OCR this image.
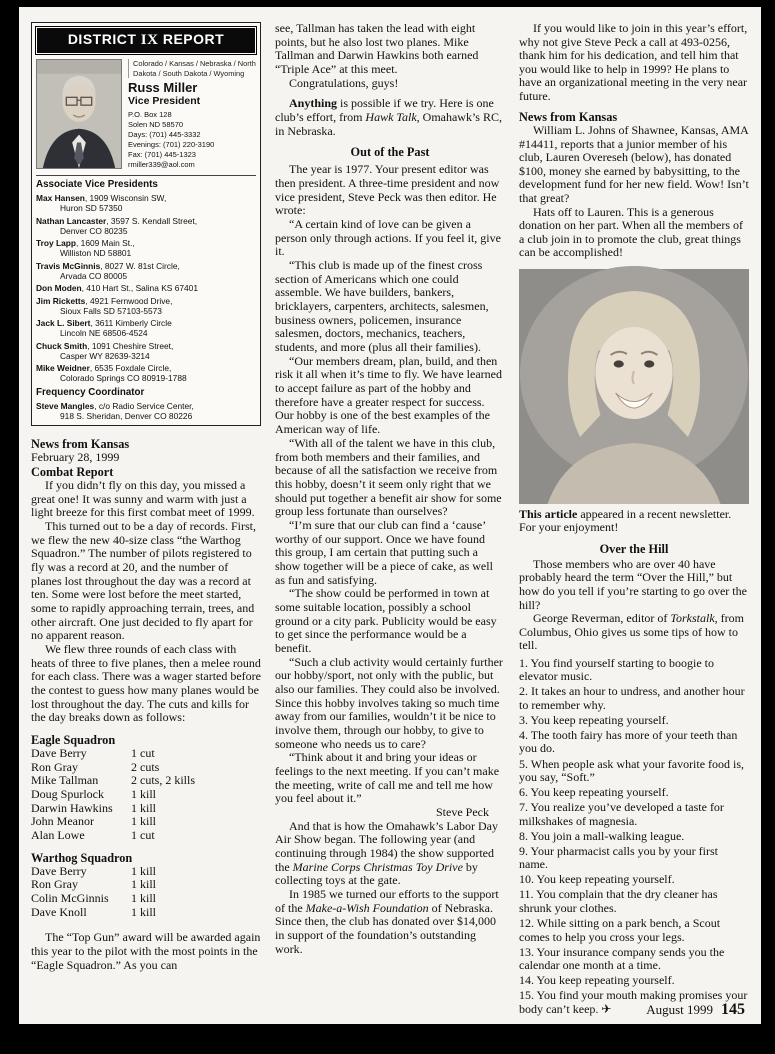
DISTRICT IX REPORT
Colorado / Kansas / Nebraska / North Dakota / South Dakota / Wyoming
Russ Miller
Vice President
P.O. Box 128
Solen ND 58570
Days: (701) 445-3332
Evenings: (701) 220-3190
Fax: (701) 445-1323
rmiller339@aol.com
Associate Vice Presidents
Max Hansen, 1909 Wisconsin SW,
Huron SD 57350
Nathan Lancaster, 3597 S. Kendall Street,
Denver CO 80235
Troy Lapp, 1609 Main St.,
Williston ND 58801
Travis McGinnis, 8027 W. 81st Circle,
Arvada CO 80005
Don Moden, 410 Hart St., Salina KS 67401
Jim Ricketts, 4921 Fernwood Drive,
Sioux Falls SD 57103-5573
Jack L. Sibert, 3611 Kimberly Circle
Lincoln NE 68506-4524
Chuck Smith, 1091 Cheshire Street,
Casper WY 82639-3214
Mike Weidner, 6535 Foxdale Circle,
Colorado Springs CO 80919-1788
Frequency Coordinator
Steve Mangles, c/o Radio Service Center,
918 S. Sheridan, Denver CO 80226
News from Kansas

February 28, 1999

Combat Report

If you didn’t fly on this day, you missed a great one! It was sunny and warm with just a light breeze for this first combat meet of 1999.

This turned out to be a day of records. First, we flew the new 40-size class “the Warthog Squadron.” The number of pilots registered to fly was a record at 20, and the number of planes lost throughout the day was a record at ten. Some were lost before the meet started, some to rapidly approaching terrain, trees, and other aircraft. One just decided to fly apart for no apparent reason.

We flew three rounds of each class with heats of three to five planes, then a melee round for each class. There was a wager started before the contest to guess how many planes would be lost throughout the day. The cuts and kills for the day breaks down as follows:

Eagle Squadron
Dave Berry	1 cut
Ron Gray	2 cuts
Mike Tallman	2 cuts, 2 kills
Doug Spurlock	1 kill
Darwin Hawkins	1 kill
John Meanor	1 kill
Alan Lowe	1 cut
Warthog Squadron
Dave Berry	1 kill
Ron Gray	1 kill
Colin McGinnis	1 kill
Dave Knoll	1 kill

The “Top Gun” award will be awarded again this year to the pilot with the most points in the “Eagle Squadron.” As you can

see, Tallman has taken the lead with eight points, but he also lost two planes. Mike Tallman and Darwin Hawkins both earned “Triple Ace” at this meet.

Congratulations, guys!

Anything is possible if we try. Here is one club’s effort, from Hawk Talk, Omahawk’s RC, in Nebraska.

Out of the Past

The year is 1977. Your present editor was then president. A three-time president and now vice president, Steve Peck was then editor. He wrote:

“A certain kind of love can be given a person only through actions. If you feel it, give it.

“This club is made up of the finest cross section of Americans which one could assemble. We have builders, bankers, bricklayers, carpenters, architects, salesmen, business owners, policemen, insurance salesmen, doctors, mechanics, teachers, students, and more (plus all their families).

“Our members dream, plan, build, and then risk it all when it’s time to fly. We have learned to accept failure as part of the hobby and therefore have a greater respect for success. Our hobby is one of the best examples of the American way of life.

“With all of the talent we have in this club, from both members and their families, and because of all the satisfaction we receive from this hobby, doesn’t it seem only right that we should put together a benefit air show for some group less fortunate than ourselves?

“I’m sure that our club can find a ‘cause’ worthy of our support. Once we have found this group, I am certain that putting such a show together will be a piece of cake, as well as fun and satisfying.

“The show could be performed in town at some suitable location, possibly a school ground or a city park. Publicity would be easy to get since the performance would be a benefit.

“Such a club activity would certainly further our hobby/sport, not only with the public, but also our families. They could also be involved. Since this hobby involves taking so much time away from our families, wouldn’t it be nice to involve them, through our hobby, to give to someone who needs us to care?

“Think about it and bring your ideas or feelings to the next meeting. If you can’t make the meeting, write of call me and tell me how you feel about it.”

Steve Peck

And that is how the Omahawk’s Labor Day Air Show began. The following year (and continuing through 1984) the show supported the Marine Corps Christmas Toy Drive by collecting toys at the gate.

In 1985 we turned our efforts to the support of the Make-a-Wish Foundation of Nebraska. Since then, the club has donated over $14,000 in support of the foundation’s outstanding work.

If you would like to join in this year’s effort, why not give Steve Peck a call at 493-0256, thank him for his dedication, and tell him that you would like to help in 1999? He plans to have an organizational meeting in the very near future.

News from Kansas

William L. Johns of Shawnee, Kansas, AMA #14411, reports that a junior member of his club, Lauren Overeseh (below), has donated $100, money she earned by babysitting, to the development fund for her new field. Wow! Isn’t that great?

Hats off to Lauren. This is a generous donation on her part. When all the members of a club join in to promote the club, great things can be accomplished!

This article appeared in a recent newsletter. For your enjoyment!

Over the Hill

Those members who are over 40 have probably heard the term “Over the Hill,” but how do you tell if you’re starting to go over the hill?

George Reverman, editor of Torkstalk, from Columbus, Ohio gives us some tips of how to tell.

1. You find yourself starting to boogie to elevator music.

2. It takes an hour to undress, and another hour to remember why.

3. You keep repeating yourself.

4. The tooth fairy has more of your teeth than you do.

5. When people ask what your favorite food is, you say, “Soft.”

6. You keep repeating yourself.

7. You realize you’ve developed a taste for milkshakes of magnesia.

8. You join a mall-walking league.

9. Your pharmacist calls you by your first name.

10. You keep repeating yourself.

11. You complain that the dry cleaner has shrunk your clothes.

12. While sitting on a park bench, a Scout comes to help you cross your legs.

13. Your insurance company sends you the calendar one month at a time.

14. You keep repeating yourself.

15. You find your mouth making promises your body can’t keep. ✈	August 1999 145
